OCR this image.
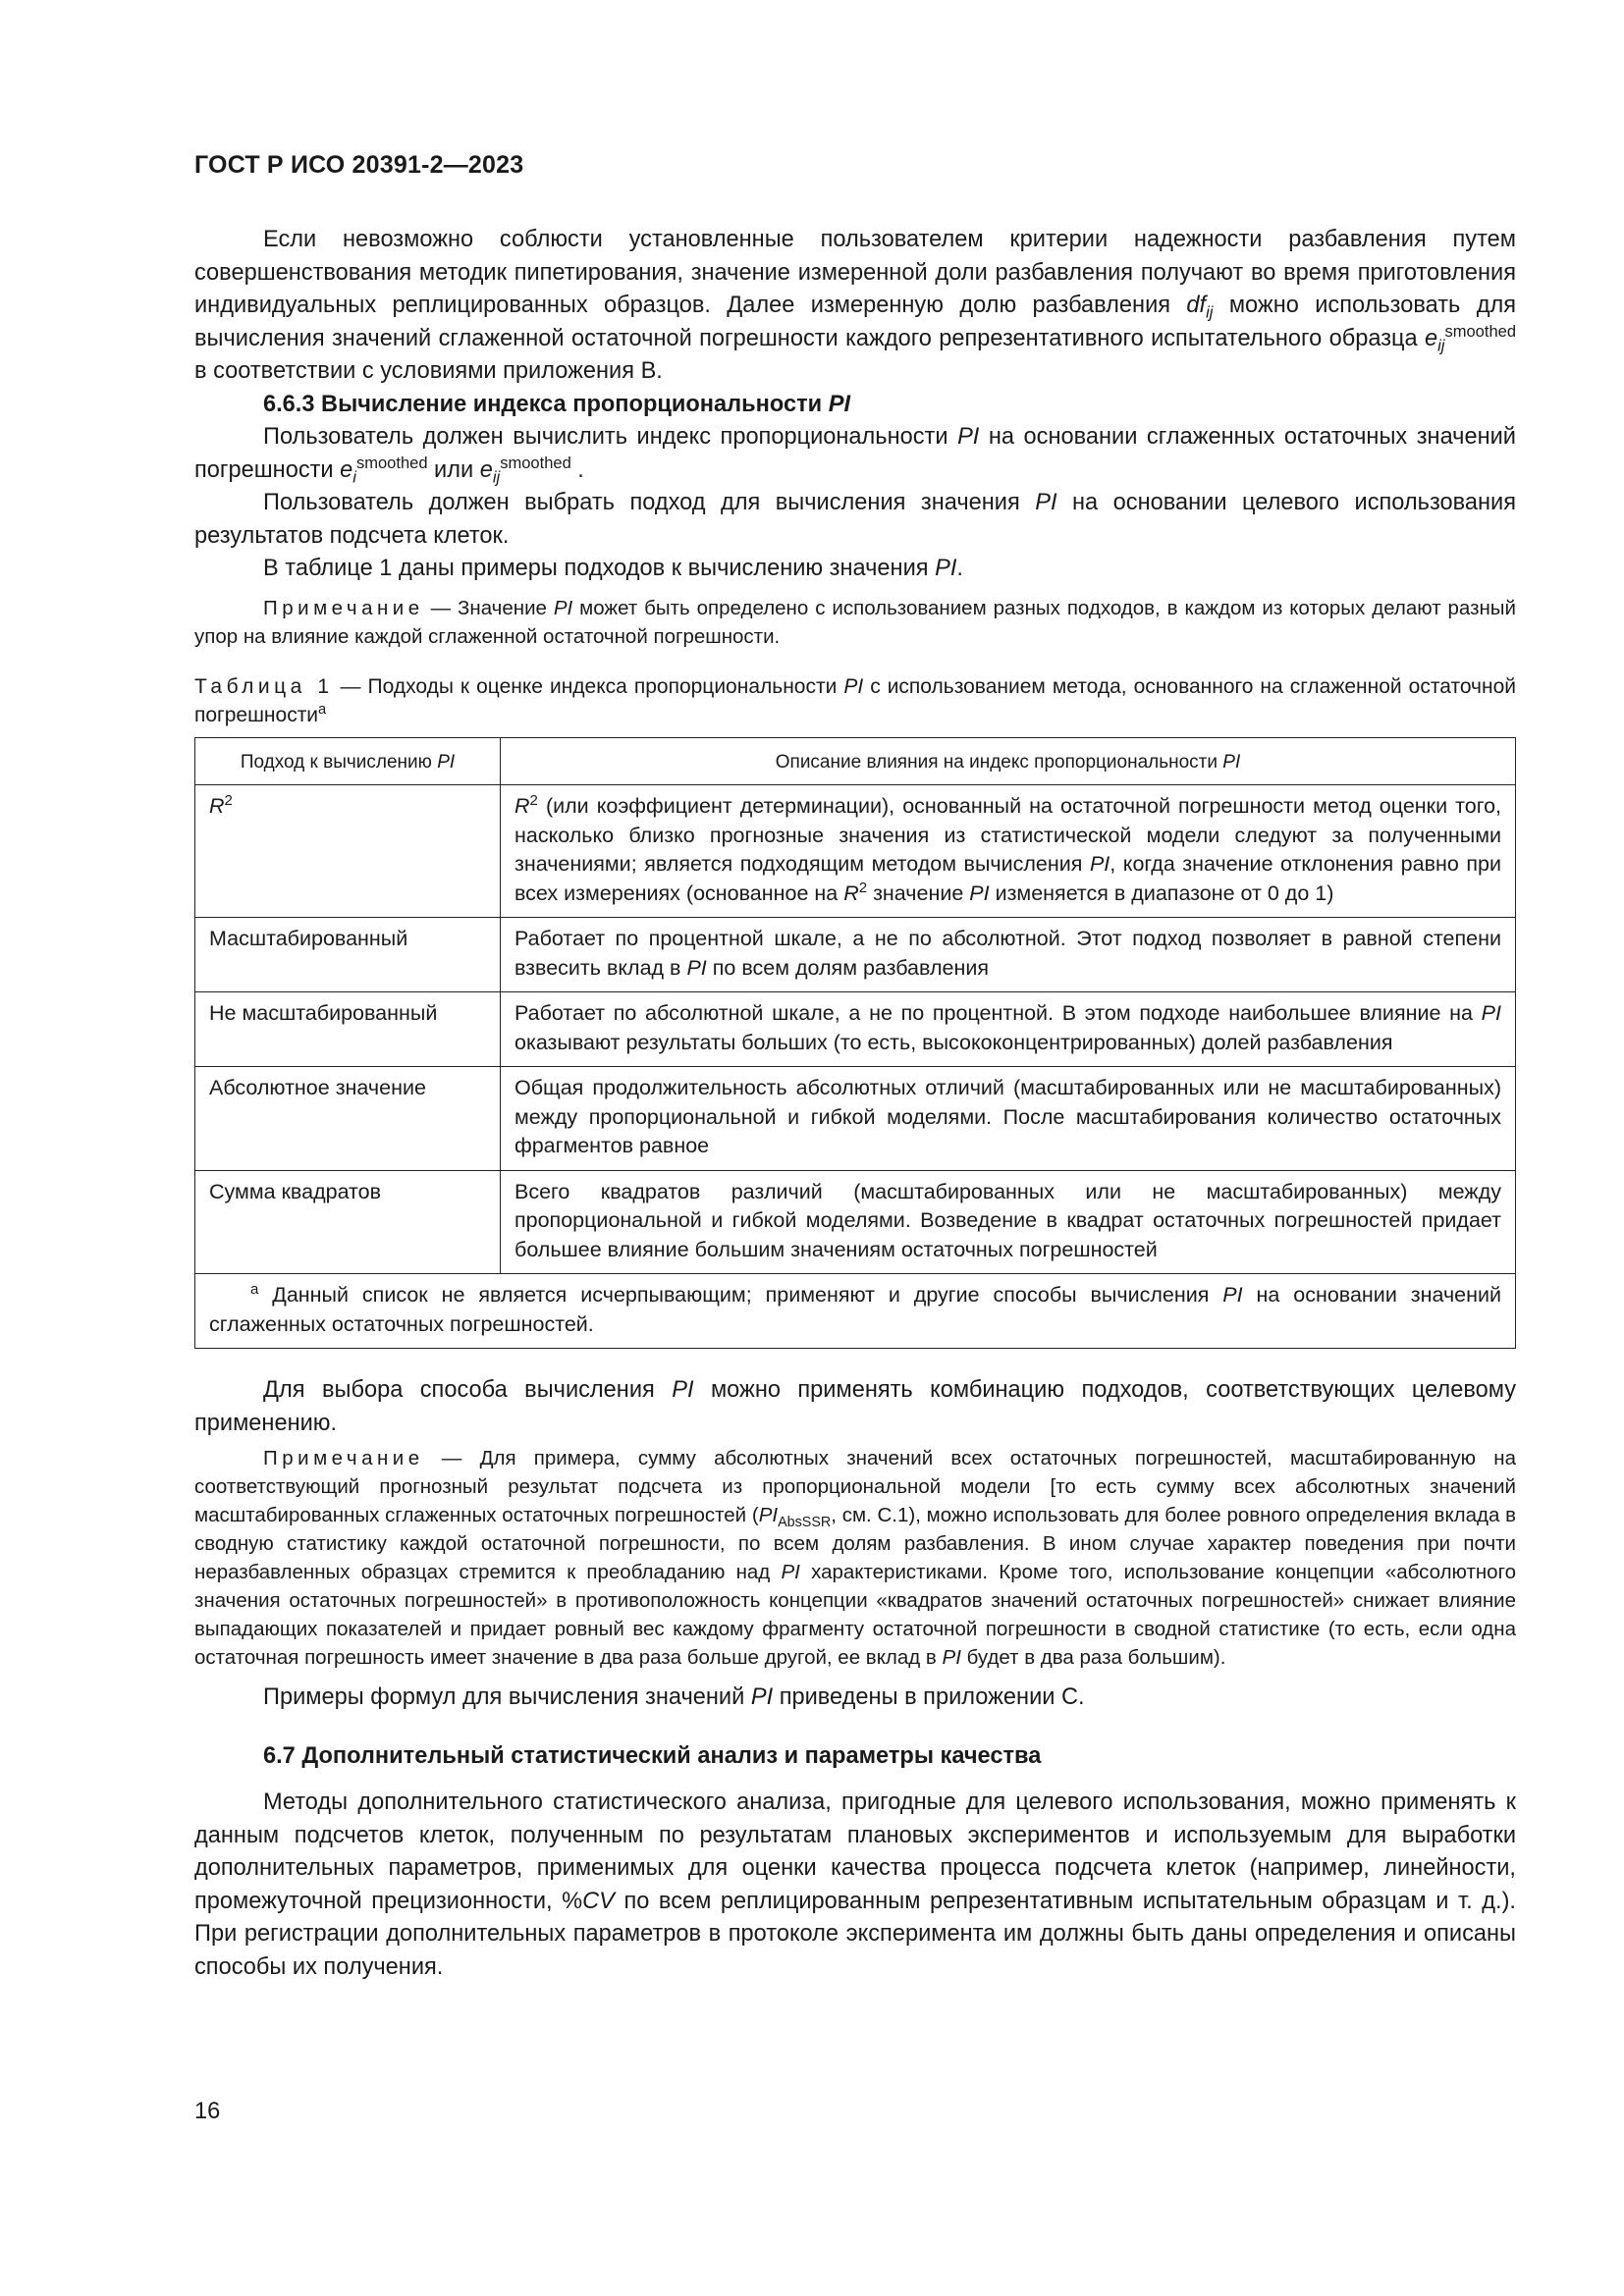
ГОСТ Р ИСО 20391-2—2023

Если невозможно соблюсти установленные пользователем критерии надежности разбавления путем совершенствования методик пипетирования, значение измеренной доли разбавления получают во время приготовления индивидуальных реплицированных образцов. Далее измеренную долю разбавления $df_{ij}$ можно использовать для вычисления значений сглаженной остаточной погрешности каждого репрезентативного испытательного образца $e_{ij}^{smoothed}$ в соответствии с условиями приложения B.

6.6.3 Вычисление индекса пропорциональности PI

Пользователь должен вычислить индекс пропорциональности PI на основании сглаженных остаточных значений погрешности $e_i^{smoothed}$ или $e_{ij}^{smoothed}$ .

Пользователь должен выбрать подход для вычисления значения PI на основании целевого использования результатов подсчета клеток.

В таблице 1 даны примеры подходов к вычислению значения PI.

Примечание — Значение PI может быть определено с использованием разных подходов, в каждом из которых делают разный упор на влияние каждой сглаженной остаточной погрешности.

Таблица 1 — Подходы к оценке индекса пропорциональности PI с использованием метода, основанного на сглаженной остаточной погрешности$^a$

Подход к вычислению PI	Описание влияния на индекс пропорциональности PI
$R^2$	$R^2$ (или коэффициент детерминации), основанный на остаточной погрешности метод оценки того, насколько близко прогнозные значения из статистической модели следуют за полученными значениями; является подходящим методом вычисления PI, когда значение отклонения равно при всех измерениях (основанное на $R^2$ значение PI изменяется в диапазоне от 0 до 1)
Масштабированный	Работает по процентной шкале, а не по абсолютной. Этот подход позволяет в равной степени взвесить вклад в PI по всем долям разбавления
Не масштабированный	Работает по абсолютной шкале, а не по процентной. В этом подходе наибольшее влияние на PI оказывают результаты больших (то есть, высококонцентрированных) долей разбавления
Абсолютное значение	Общая продолжительность абсолютных отличий (масштабированных или не масштабированных) между пропорциональной и гибкой моделями. После масштабирования количество остаточных фрагментов равное
Сумма квадратов	Всего квадратов различий (масштабированных или не масштабированных) между пропорциональной и гибкой моделями. Возведение в квадрат остаточных погрешностей придает большее влияние большим значениям остаточных погрешностей

$^a$ Данный список не является исчерпывающим; применяют и другие способы вычисления PI на основании значений сглаженных остаточных погрешностей.	

Для выбора способа вычисления PI можно применять комбинацию подходов, соответствующих целевому применению.

Примечание — Для примера, сумму абсолютных значений всех остаточных погрешностей, масштабированную на соответствующий прогнозный результат подсчета из пропорциональной модели [то есть сумму всех абсолютных значений масштабированных сглаженных остаточных погрешностей ($PI_{AbsSSR}$, см. С.1), можно использовать для более ровного определения вклада в сводную статистику каждой остаточной погрешности, по всем долям разбавления. В ином случае характер поведения при почти неразбавленных образцах стремится к преобладанию над PI характеристиками. Кроме того, использование концепции «абсолютного значения остаточных погрешностей» в противоположность концепции «квадратов значений остаточных погрешностей» снижает влияние выпадающих показателей и придает ровный вес каждому фрагменту остаточной погрешности в сводной статистике (то есть, если одна остаточная погрешность имеет значение в два раза больше другой, ее вклад в PI будет в два раза большим).

Примеры формул для вычисления значений PI приведены в приложении С.

6.7 Дополнительный статистический анализ и параметры качества

Методы дополнительного статистического анализа, пригодные для целевого использования, можно применять к данным подсчетов клеток, полученным по результатам плановых экспериментов и используемым для выработки дополнительных параметров, применимых для оценки качества процесса подсчета клеток (например, линейности, промежуточной прецизионности, %CV по всем реплицированным репрезентативным испытательным образцам и т. д.). При регистрации дополнительных параметров в протоколе эксперимента им должны быть даны определения и описаны способы их получения.

16
